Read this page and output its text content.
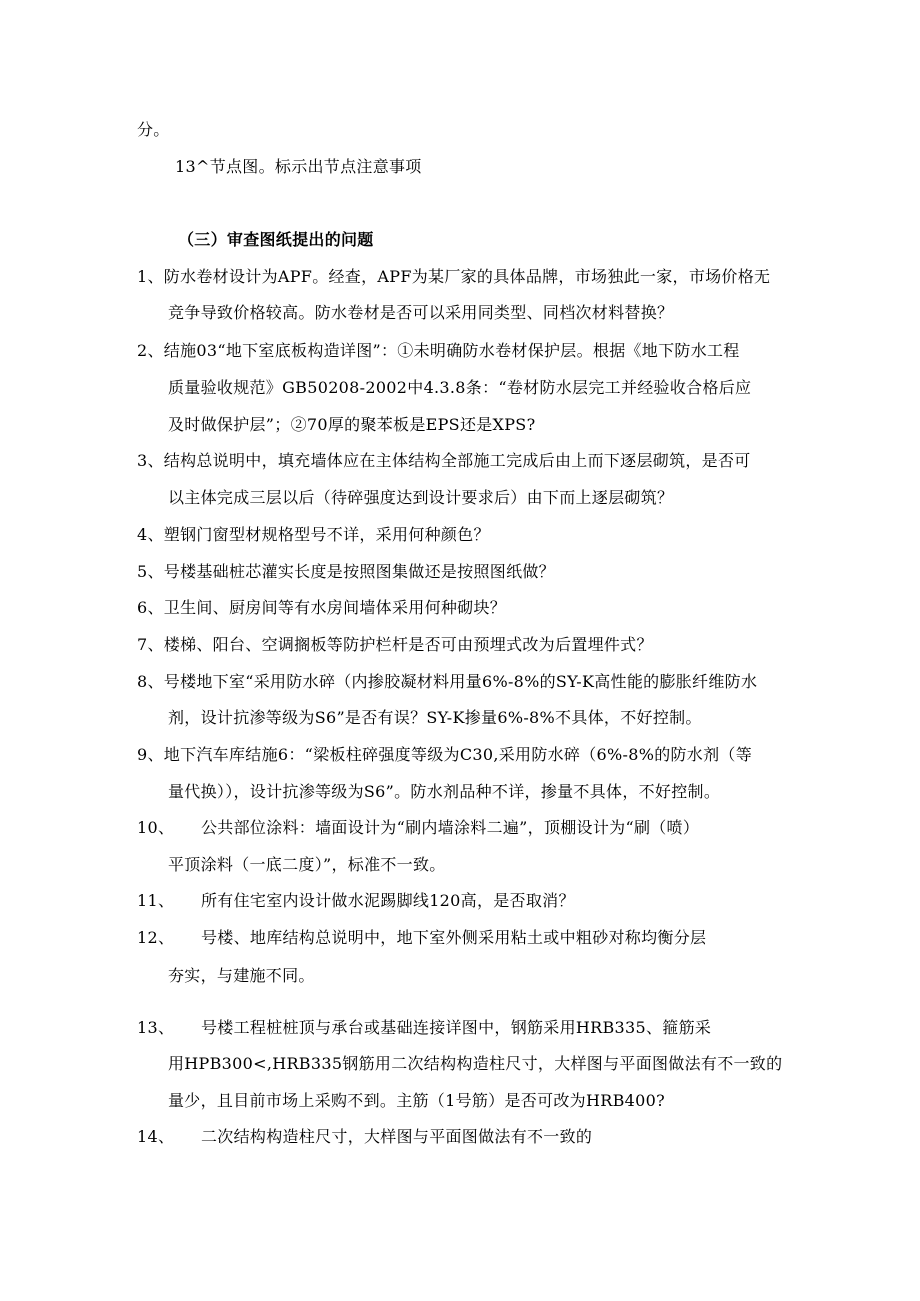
分。
13^节点图。标示出节点注意事项
（三）审查图纸提出的问题
1、防水卷材设计为APF。经查，APF为某厂家的具体品牌，市场独此一家，市场价格无
竞争导致价格较高。防水卷材是否可以采用同类型、同档次材料替换？
2、结施03“地下室底板构造详图”：①未明确防水卷材保护层。根据《地下防水工程
质量验收规范》GB50208-2002中4.3.8条：“卷材防水层完工并经验收合格后应
及时做保护层”；②70厚的聚苯板是EPS还是XPS?
3、结构总说明中，填充墙体应在主体结构全部施工完成后由上而下逐层砌筑，是否可
以主体完成三层以后（待碎强度达到设计要求后）由下而上逐层砌筑？
4、塑钢门窗型材规格型号不详，采用何种颜色？
5、号楼基础桩芯灌实长度是按照图集做还是按照图纸做？
6、卫生间、厨房间等有水房间墙体采用何种砌块？
7、楼梯、阳台、空调搁板等防护栏杆是否可由预埋式改为后置埋件式？
8、号楼地下室“采用防水碎（内掺胶凝材料用量6%-8%的SY-K高性能的膨胀纤维防水
剂，设计抗渗等级为S6”是否有误？SY-K掺量6%-8%不具体，不好控制。
9、地下汽车库结施6：“梁板柱碎强度等级为C30,采用防水碎（6%-8%的防水剂（等
量代换）），设计抗渗等级为S6”。防水剂品种不详，掺量不具体，不好控制。
10、 公共部位涂料：墙面设计为“刷内墙涂料二遍”，顶棚设计为“刷（喷）
平顶涂料（一底二度）”，标准不一致。
11、 所有住宅室内设计做水泥踢脚线120高，是否取消？
12、 号楼、地库结构总说明中，地下室外侧采用粘土或中粗砂对称均衡分层
夯实，与建施不同。
13、 号楼工程桩桩顶与承台或基础连接详图中，钢筋采用HRB335、箍筋采
用HPB300<,HRB335钢筋用二次结构构造柱尺寸，大样图与平面图做法有不一致的
量少，且目前市场上采购不到。主筋（1号筋）是否可改为HRB400?
14、 二次结构构造柱尺寸，大样图与平面图做法有不一致的
